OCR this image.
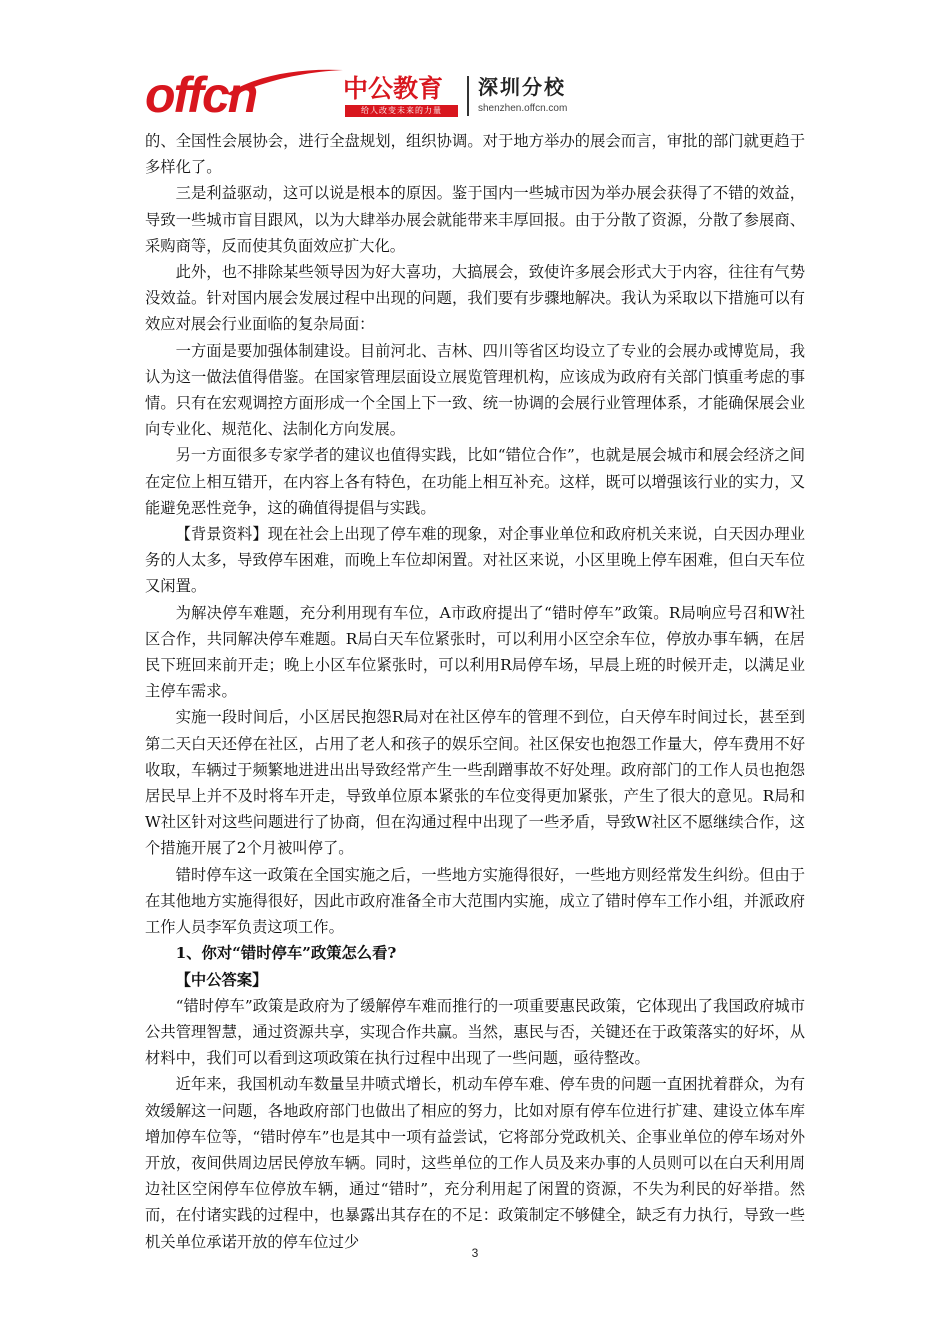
offcn	中公教育
给人改变未来的力量
深圳分校
shenzhen.offcn.com

的、全国性会展协会，进行全盘规划，组织协调。对于地方举办的展会而言，审批的部门就更趋于多样化了。

三是利益驱动，这可以说是根本的原因。鉴于国内一些城市因为举办展会获得了不错的效益，导致一些城市盲目跟风，以为大肆举办展会就能带来丰厚回报。由于分散了资源，分散了参展商、采购商等，反而使其负面效应扩大化。

此外，也不排除某些领导因为好大喜功，大搞展会，致使许多展会形式大于内容，往往有气势没效益。针对国内展会发展过程中出现的问题，我们要有步骤地解决。我认为采取以下措施可以有效应对展会行业面临的复杂局面：

一方面是要加强体制建设。目前河北、吉林、四川等省区均设立了专业的会展办或博览局，我认为这一做法值得借鉴。在国家管理层面设立展览管理机构，应该成为政府有关部门慎重考虑的事情。只有在宏观调控方面形成一个全国上下一致、统一协调的会展行业管理体系，才能确保展会业向专业化、规范化、法制化方向发展。

另一方面很多专家学者的建议也值得实践，比如“错位合作”，也就是展会城市和展会经济之间在定位上相互错开，在内容上各有特色，在功能上相互补充。这样，既可以增强该行业的实力，又能避免恶性竞争，这的确值得提倡与实践。

【背景资料】现在社会上出现了停车难的现象，对企事业单位和政府机关来说，白天因办理业务的人太多，导致停车困难，而晚上车位却闲置。对社区来说，小区里晚上停车困难，但白天车位又闲置。

为解决停车难题，充分利用现有车位，A市政府提出了“错时停车”政策。R局响应号召和W社区合作，共同解决停车难题。R局白天车位紧张时，可以利用小区空余车位，停放办事车辆，在居民下班回来前开走；晚上小区车位紧张时，可以利用R局停车场，早晨上班的时候开走，以满足业主停车需求。

实施一段时间后，小区居民抱怨R局对在社区停车的管理不到位，白天停车时间过长，甚至到第二天白天还停在社区，占用了老人和孩子的娱乐空间。社区保安也抱怨工作量大，停车费用不好收取，车辆过于频繁地进进出出导致经常产生一些刮蹭事故不好处理。政府部门的工作人员也抱怨居民早上并不及时将车开走，导致单位原本紧张的车位变得更加紧张，产生了很大的意见。R局和W社区针对这些问题进行了协商，但在沟通过程中出现了一些矛盾，导致W社区不愿继续合作，这个措施开展了2个月被叫停了。

错时停车这一政策在全国实施之后，一些地方实施得很好，一些地方则经常发生纠纷。但由于在其他地方实施得很好，因此市政府准备全市大范围内实施，成立了错时停车工作小组，并派政府工作人员李军负责这项工作。

1、你对“错时停车”政策怎么看?

【中公答案】

“错时停车”政策是政府为了缓解停车难而推行的一项重要惠民政策，它体现出了我国政府城市公共管理智慧，通过资源共享，实现合作共赢。当然，惠民与否，关键还在于政策落实的好坏，从材料中，我们可以看到这项政策在执行过程中出现了一些问题，亟待整改。

近年来，我国机动车数量呈井喷式增长，机动车停车难、停车贵的问题一直困扰着群众，为有效缓解这一问题，各地政府部门也做出了相应的努力，比如对原有停车位进行扩建、建设立体车库增加停车位等，“错时停车”也是其中一项有益尝试，它将部分党政机关、企事业单位的停车场对外开放，夜间供周边居民停放车辆。同时，这些单位的工作人员及来办事的人员则可以在白天利用周边社区空闲停车位停放车辆，通过“错时”，充分利用起了闲置的资源，不失为利民的好举措。然而，在付诸实践的过程中，也暴露出其存在的不足：政策制定不够健全，缺乏有力执行，导致一些机关单位承诺开放的停车位过少

3
